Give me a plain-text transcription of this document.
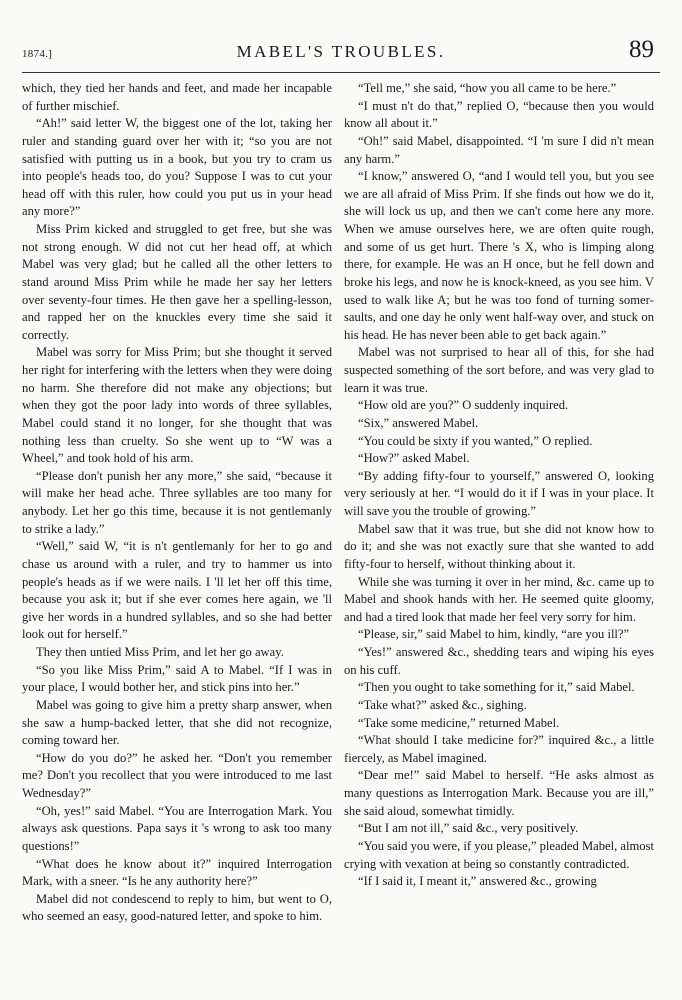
1874.]	MABEL'S TROUBLES.	89

which, they tied her hands and feet, and made her incapable of further mischief.

“Ah!” said letter W, the biggest one of the lot, taking her ruler and standing guard over her with it; “so you are not satisfied with putting us in a book, but you try to cram us into people's heads too, do you? Suppose I was to cut your head off with this ruler, how could you put us in your head any more?”

Miss Prim kicked and struggled to get free, but she was not strong enough. W did not cut her head off, at which Mabel was very glad; but he called all the other letters to stand around Miss Prim while he made her say her letters over seventy-four times. He then gave her a spelling-lesson, and rapped her on the knuckles every time she said it correctly.

Mabel was sorry for Miss Prim; but she thought it served her right for interfering with the letters when they were doing no harm. She therefore did not make any objections; but when they got the poor lady into words of three syllables, Mabel could stand it no longer, for she thought that was nothing less than cruelty. So she went up to “W was a Wheel,” and took hold of his arm.

“Please don't punish her any more,” she said, “because it will make her head ache. Three syllables are too many for anybody. Let her go this time, because it is not gentlemanly to strike a lady.”

“Well,” said W, “it is n't gentlemanly for her to go and chase us around with a ruler, and try to hammer us into people's heads as if we were nails. I 'll let her off this time, because you ask it; but if she ever comes here again, we 'll give her words in a hundred syllables, and so she had better look out for herself.”

They then untied Miss Prim, and let her go away.

“So you like Miss Prim,” said A to Mabel. “If I was in your place, I would bother her, and stick pins into her.”

Mabel was going to give him a pretty sharp answer, when she saw a hump-backed letter, that she did not recognize, coming toward her.

“How do you do?” he asked her. “Don't you remember me? Don't you recollect that you were introduced to me last Wednesday?”

“Oh, yes!” said Mabel. “You are Interrogation Mark. You always ask questions. Papa says it 's wrong to ask too many questions!”

“What does he know about it?” inquired Interrogation Mark, with a sneer. “Is he any authority here?”

Mabel did not condescend to reply to him, but went to O, who seemed an easy, good-natured letter, and spoke to him.

“Tell me,” she said, “how you all came to be here.”

“I must n't do that,” replied O, “because then you would know all about it.”

“Oh!” said Mabel, disappointed. “I 'm sure I did n't mean any harm.”

“I know,” answered O, “and I would tell you, but you see we are all afraid of Miss Prim. If she finds out how we do it, she will lock us up, and then we can't come here any more. When we amuse ourselves here, we are often quite rough, and some of us get hurt. There 's X, who is limping along there, for example. He was an H once, but he fell down and broke his legs, and now he is knock-kneed, as you see him. V used to walk like A; but he was too fond of turning somersaults, and one day he only went half-way over, and stuck on his head. He has never been able to get back again.”

Mabel was not surprised to hear all of this, for she had suspected something of the sort before, and was very glad to learn it was true.

“How old are you?” O suddenly inquired.

“Six,” answered Mabel.

“You could be sixty if you wanted,” O replied.

“How?” asked Mabel.

“By adding fifty-four to yourself,” answered O, looking very seriously at her. “I would do it if I was in your place. It will save you the trouble of growing.”

Mabel saw that it was true, but she did not know how to do it; and she was not exactly sure that she wanted to add fifty-four to herself, without thinking about it.

While she was turning it over in her mind, &c. came up to Mabel and shook hands with her. He seemed quite gloomy, and had a tired look that made her feel very sorry for him.

“Please, sir,” said Mabel to him, kindly, “are you ill?”

“Yes!” answered &c., shedding tears and wiping his eyes on his cuff.

“Then you ought to take something for it,” said Mabel.

“Take what?” asked &c., sighing.

“Take some medicine,” returned Mabel.

“What should I take medicine for?” inquired &c., a little fiercely, as Mabel imagined.

“Dear me!” said Mabel to herself. “He asks almost as many questions as Interrogation Mark. Because you are ill,” she said aloud, somewhat timidly.

“But I am not ill,” said &c., very positively.

“You said you were, if you please,” pleaded Mabel, almost crying with vexation at being so constantly contradicted.

“If I said it, I meant it,” answered &c., growing
